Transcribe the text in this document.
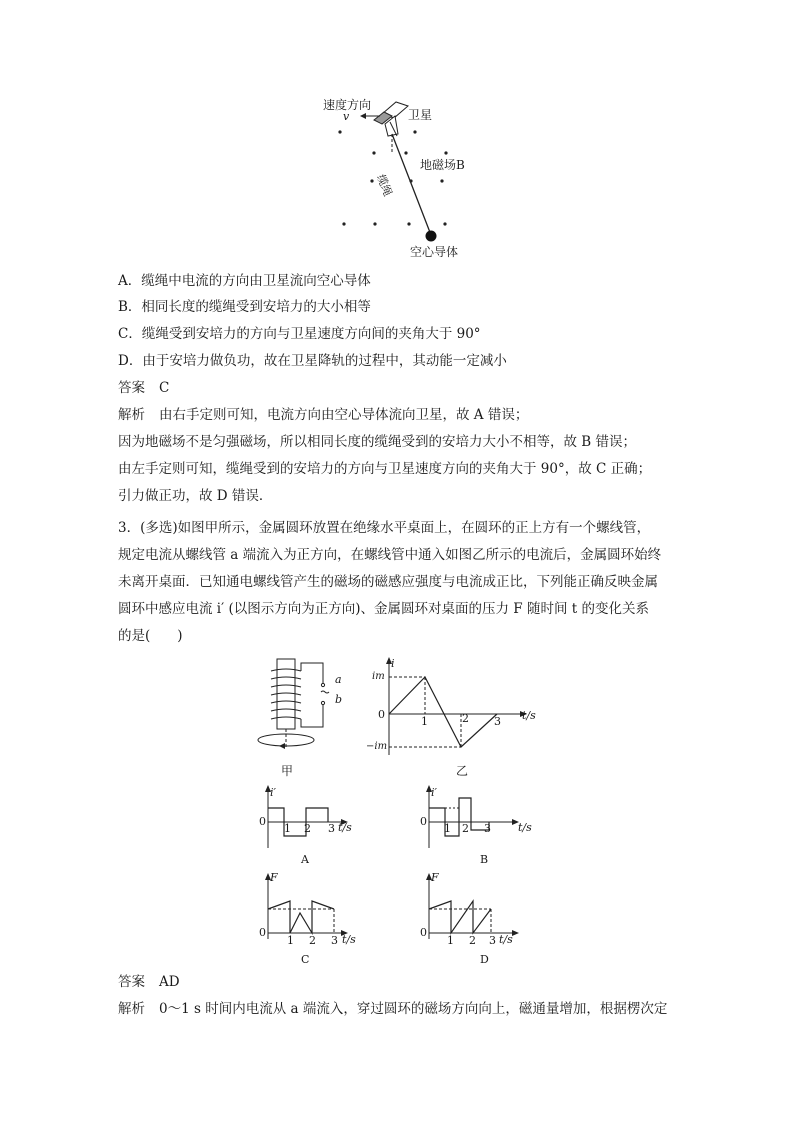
速度方向
v	卫星
地磁场B
缆绳
空心导体
A．缆绳中电流的方向由卫星流向空心导体
B．相同长度的缆绳受到安培力的大小相等
C．缆绳受到安培力的方向与卫星速度方向间的夹角大于 90°
D．由于安培力做负功，故在卫星降轨的过程中，其动能一定减小
答案 C
解析 由右手定则可知，电流方向由空心导体流向卫星，故 A 错误；
因为地磁场不是匀强磁场，所以相同长度的缆绳受到的安培力大小不相等，故 B 错误；
由左手定则可知，缆绳受到的安培力的方向与卫星速度方向的夹角大于 90°，故 C 正确；
引力做正功，故 D 错误．
3．(多选)如图甲所示，金属圆环放置在绝缘水平桌面上，在圆环的正上方有一个螺线管，
规定电流从螺线管 a 端流入为正方向，在螺线管中通入如图乙所示的电流后，金属圆环始终
未离开桌面．已知通电螺线管产生的磁场的磁感应强度与电流成正比，下列能正确反映金属
圆环中感应电流 i′ (以图示方向为正方向)、金属圆环对桌面的压力 F 随时间 t 的变化关系
的是(　　)
a
b
甲
i
im
0
−im
1	2 3 t/s
乙
i′
0
1 2 3 t/s
A
i′
0
1 2 3 t/s
B
F
0
1 2 3 t/s
C
F
0
1 2 3 t/s
D
答案 AD
解析 0～1 s 时间内电流从 a 端流入，穿过圆环的磁场方向向上，磁通量增加，根据楞次定
